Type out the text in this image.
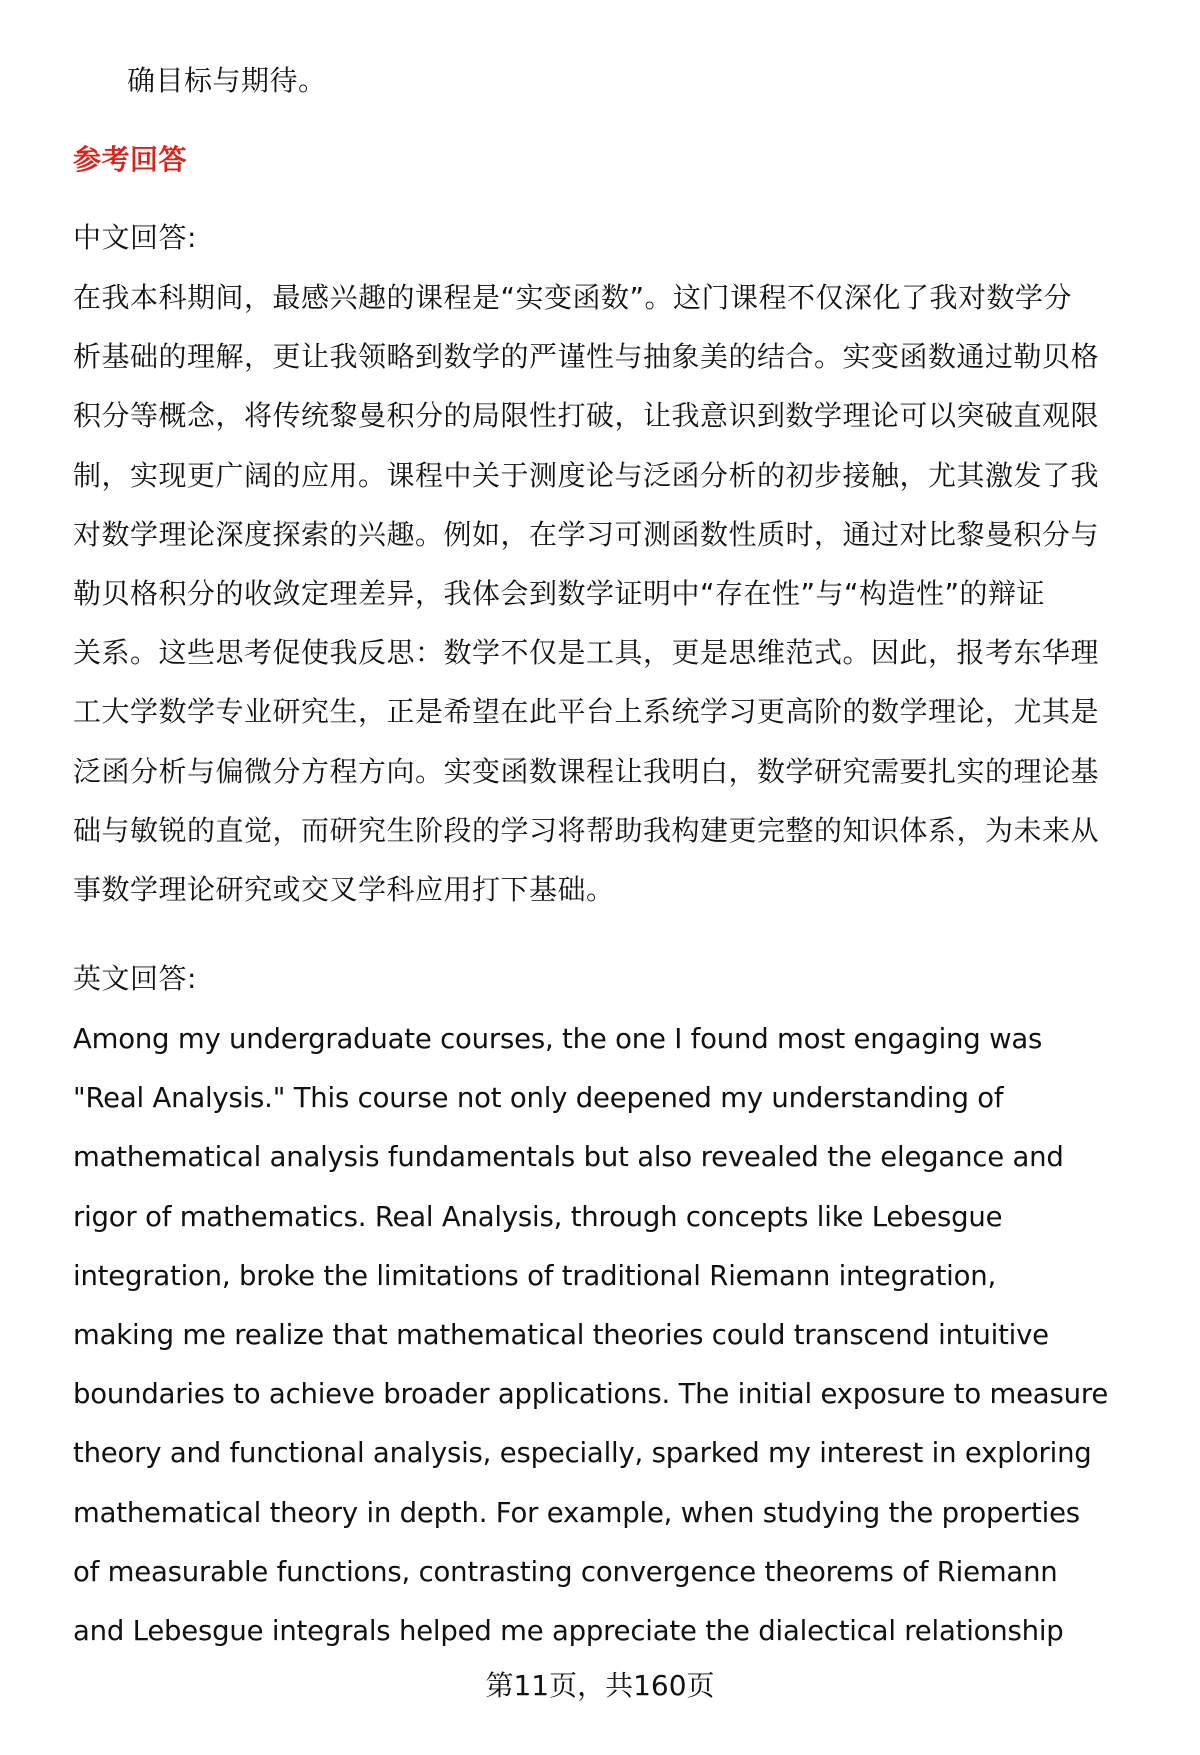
确目标与期待。
参考回答
中文回答:
在我本科期间，最感兴趣的课程是“实变函数”。这门课程不仅深化了我对数学分
析基础的理解，更让我领略到数学的严谨性与抽象美的结合。实变函数通过勒贝格
积分等概念，将传统黎曼积分的局限性打破，让我意识到数学理论可以突破直观限
制，实现更广阔的应用。课程中关于测度论与泛函分析的初步接触，尤其激发了我
对数学理论深度探索的兴趣。例如，在学习可测函数性质时，通过对比黎曼积分与
勒贝格积分的收敛定理差异，我体会到数学证明中“存在性”与“构造性”的辩证
关系。这些思考促使我反思：数学不仅是工具，更是思维范式。因此，报考东华理
工大学数学专业研究生，正是希望在此平台上系统学习更高阶的数学理论，尤其是
泛函分析与偏微分方程方向。实变函数课程让我明白，数学研究需要扎实的理论基
础与敏锐的直觉，而研究生阶段的学习将帮助我构建更完整的知识体系，为未来从
事数学理论研究或交叉学科应用打下基础。
英文回答:
Among my undergraduate courses, the one I found most engaging was
"Real Analysis." This course not only deepened my understanding of
mathematical analysis fundamentals but also revealed the elegance and
rigor of mathematics. Real Analysis, through concepts like Lebesgue
integration, broke the limitations of traditional Riemann integration,
making me realize that mathematical theories could transcend intuitive
boundaries to achieve broader applications. The initial exposure to measure
theory and functional analysis, especially, sparked my interest in exploring
mathematical theory in depth. For example, when studying the properties
of measurable functions, contrasting convergence theorems of Riemann
and Lebesgue integrals helped me appreciate the dialectical relationship
第11页，共160页
